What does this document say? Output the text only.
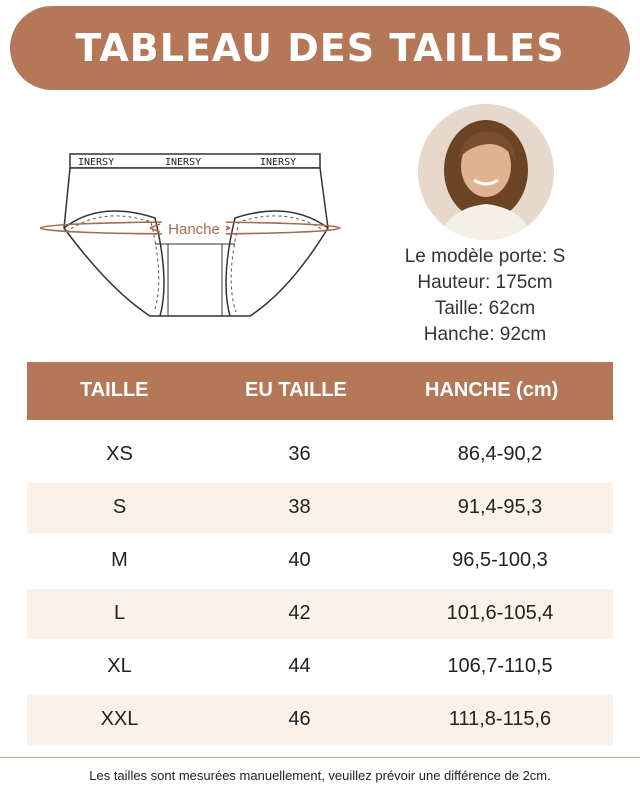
TABLEAU DES TAILLES
INERSY	INERSY	INERSY
Hanche
Le modèle porte: S
Hauteur: 175cm
Taille: 62cm
Hanche: 92cm
TAILLE	EU TAILLE	HANCHE (cm)
XS	36	86,4-90,2
S	38	91,4-95,3
M	40	96,5-100,3
L	42	101,6-105,4
XL	44	106,7-110,5
XXL	46	111,8-115,6
Les tailles sont mesurées manuellement, veuillez prévoir une différence de 2cm.
